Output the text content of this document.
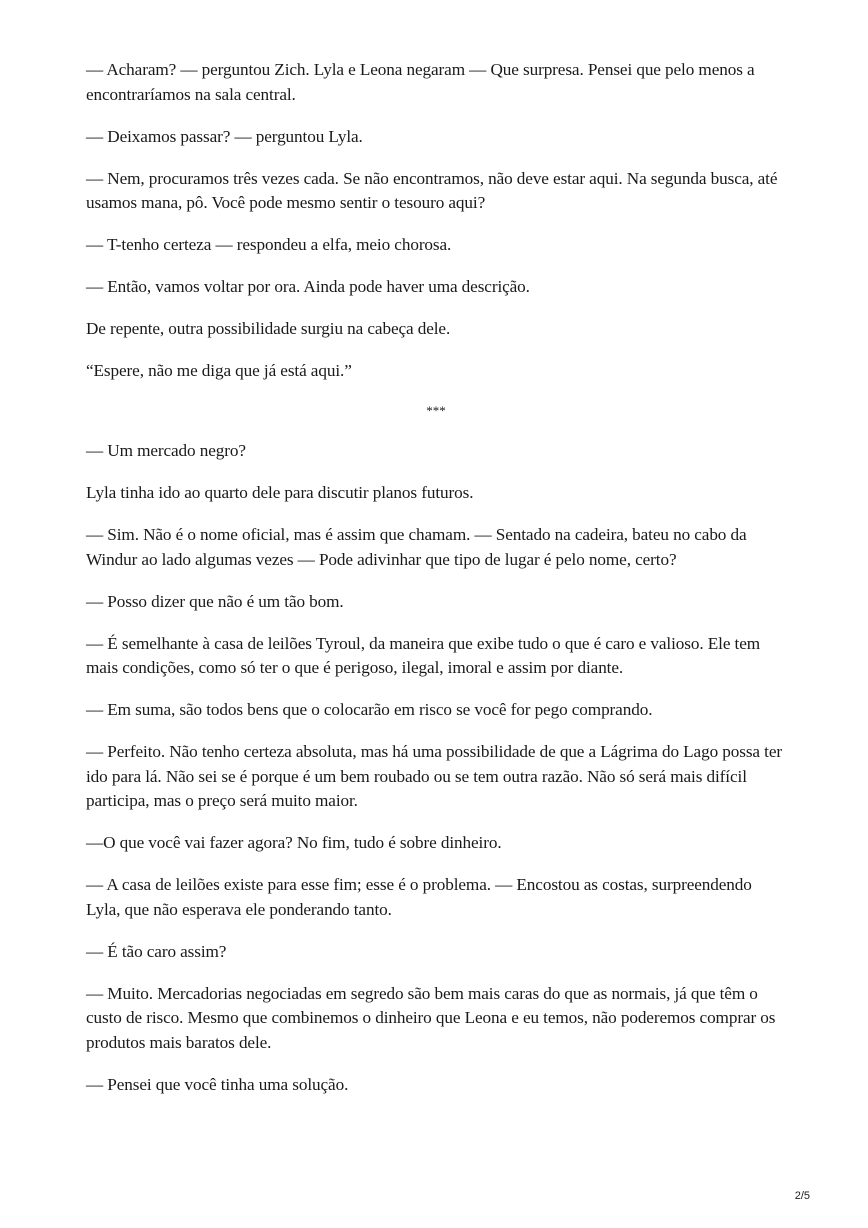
— Acharam? — perguntou Zich. Lyla e Leona negaram — Que surpresa. Pensei que pelo menos a encontraríamos na sala central.

— Deixamos passar? — perguntou Lyla.

— Nem, procuramos três vezes cada. Se não encontramos, não deve estar aqui. Na segunda busca, até usamos mana, pô. Você pode mesmo sentir o tesouro aqui?

— T-tenho certeza — respondeu a elfa, meio chorosa.

— Então, vamos voltar por ora. Ainda pode haver uma descrição.

De repente, outra possibilidade surgiu na cabeça dele.

“Espere, não me diga que já está aqui.”

***

— Um mercado negro?

Lyla tinha ido ao quarto dele para discutir planos futuros.

— Sim. Não é o nome oficial, mas é assim que chamam. — Sentado na cadeira, bateu no cabo da Windur ao lado algumas vezes — Pode adivinhar que tipo de lugar é pelo nome, certo?

— Posso dizer que não é um tão bom.

— É semelhante à casa de leilões Tyroul, da maneira que exibe tudo o que é caro e valioso. Ele tem mais condições, como só ter o que é perigoso, ilegal, imoral e assim por diante.

— Em suma, são todos bens que o colocarão em risco se você for pego comprando.

— Perfeito. Não tenho certeza absoluta, mas há uma possibilidade de que a Lágrima do Lago possa ter ido para lá. Não sei se é porque é um bem roubado ou se tem outra razão. Não só será mais difícil participa, mas o preço será muito maior.

—O que você vai fazer agora? No fim, tudo é sobre dinheiro.

— A casa de leilões existe para esse fim; esse é o problema. — Encostou as costas, surpreendendo Lyla, que não esperava ele ponderando tanto.

— É tão caro assim?

— Muito. Mercadorias negociadas em segredo são bem mais caras do que as normais, já que têm o custo de risco. Mesmo que combinemos o dinheiro que Leona e eu temos, não poderemos comprar os produtos mais baratos dele.

— Pensei que você tinha uma solução.

2/5
